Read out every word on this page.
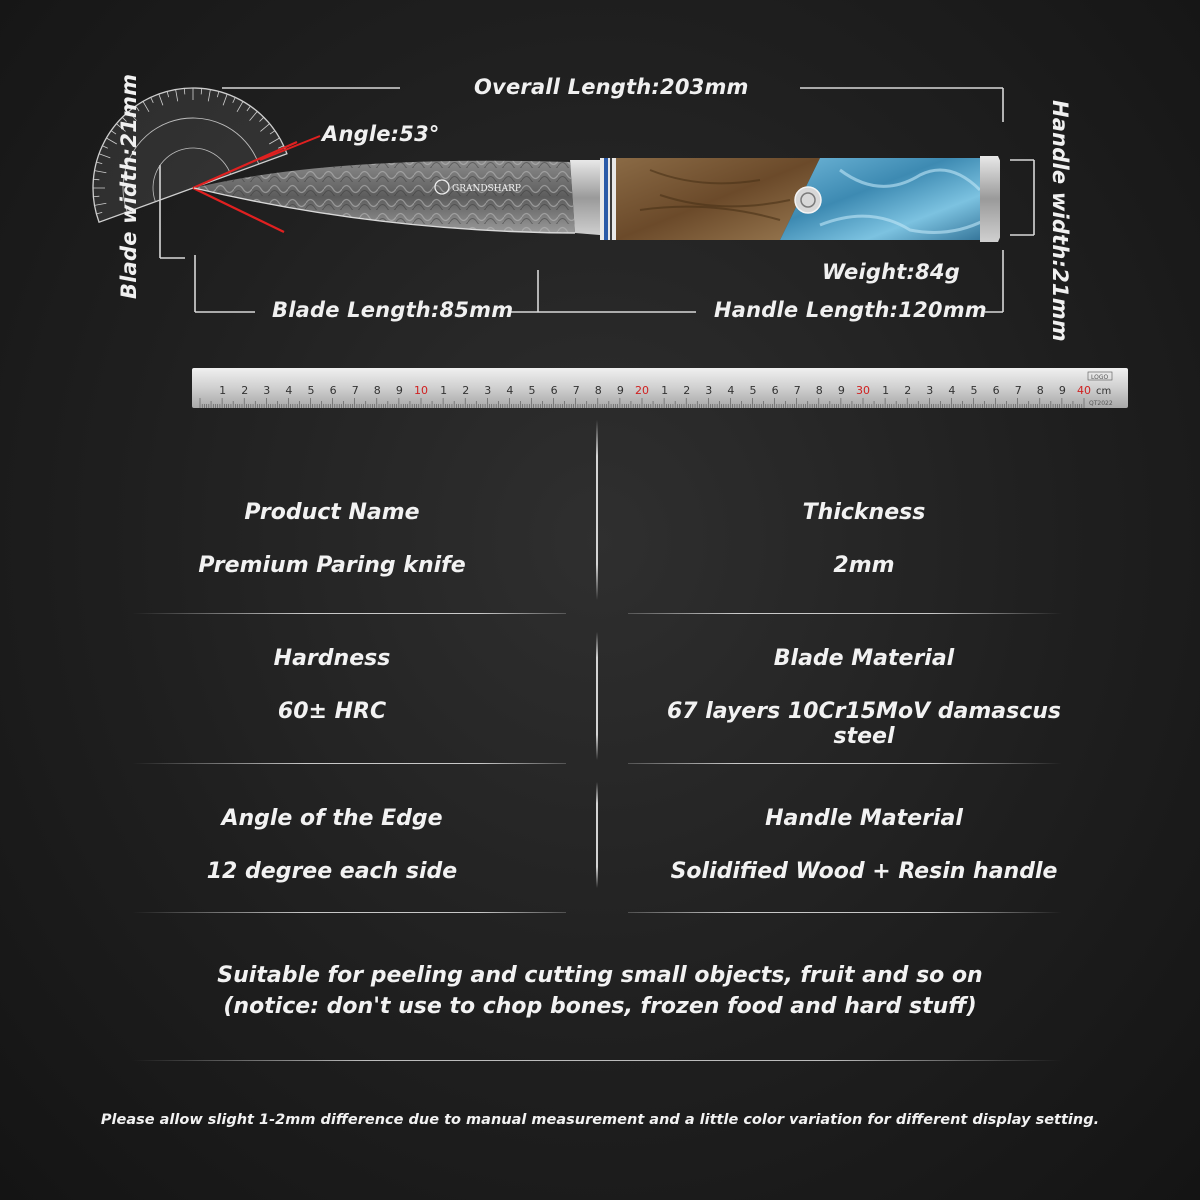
Angle:53°
GRANDSHARP
Overall Length:203mm
Blade width:21mm	Handle width:21mm
Weight:84g
Blade Length:85mm	Handle Length:120mm
1 2 3 4 5 6 7 8 9 10 1 2 3 4 5 6 7 8 9 20 1 2 3 4 5 6 7 8 9 30 1 2 3 4 5 6 7 8 9 40 cm
LOGO
QT2022
Product Name
Premium Paring knife
Thickness
2mm
Hardness
60± HRC
Blade Material
67 layers 10Cr15MoV damascus steel
Angle of the Edge
12 degree each side
Handle Material
Solidified Wood + Resin handle
Suitable for peeling and cutting small objects, fruit and so on
(notice: don't use to chop bones, frozen food and hard stuff)
Please allow slight 1-2mm difference due to manual measurement and a little color variation for different display setting.
